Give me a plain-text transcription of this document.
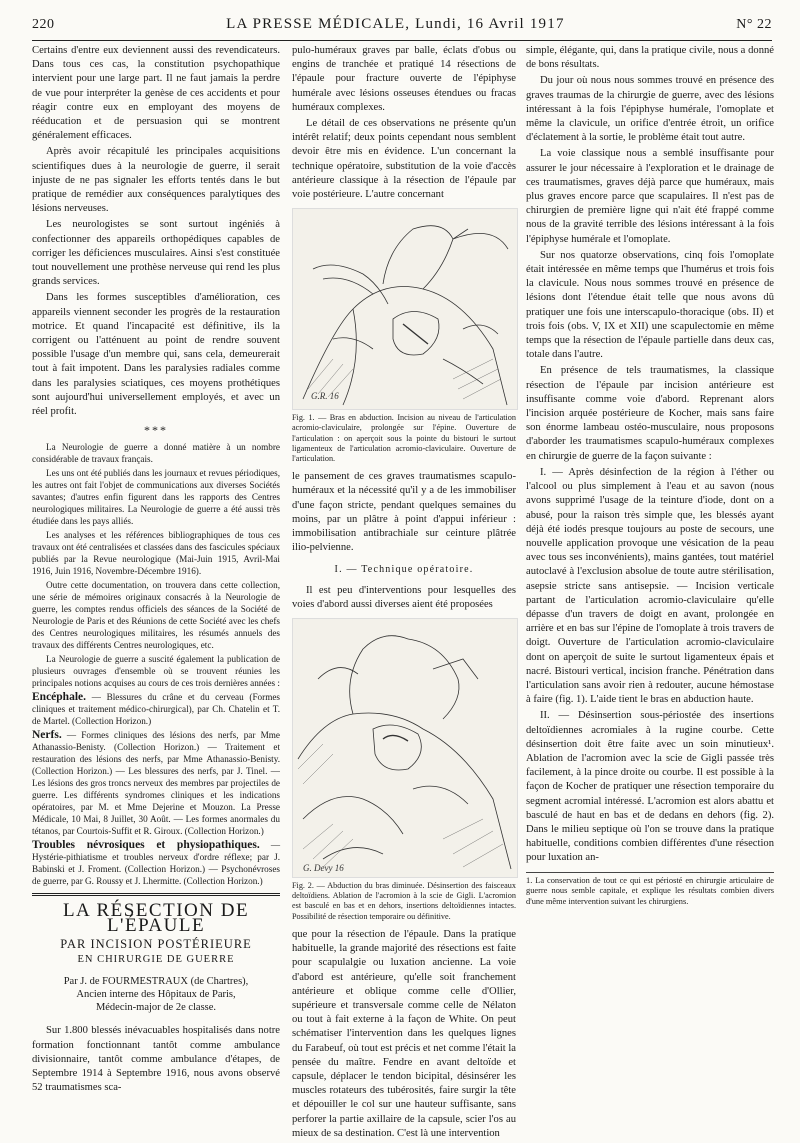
220	LA PRESSE MÉDICALE, Lundi, 16 Avril 1917	N° 22

Certains d'entre eux deviennent aussi des revendicateurs. Dans tous ces cas, la constitution psychopathique intervient pour une large part. Il ne faut jamais la perdre de vue pour interpréter la genèse de ces accidents et pour réagir contre eux en employant des moyens de rééducation et de persuasion qui se montrent généralement efficaces.

Après avoir récapitulé les principales acquisitions scientifiques dues à la neurologie de guerre, il serait injuste de ne pas signaler les efforts tentés dans le but pratique de remédier aux conséquences paralytiques des lésions nerveuses.

Les neurologistes se sont surtout ingéniés à confectionner des appareils orthopédiques capables de corriger les déficiences musculaires. Ainsi s'est constituée tout nouvellement une prothèse nerveuse qui rend les plus grands services.

Dans les formes susceptibles d'amélioration, ces appareils viennent seconder les progrès de la restauration motrice. Et quand l'incapacité est définitive, ils la corrigent ou l'atténuent au point de rendre souvent possible l'usage d'un membre qui, sans cela, demeurerait tout à fait impotent. Dans les paralysies radiales comme dans les paralysies sciatiques, ces moyens prothétiques sont aujourd'hui universellement employés, et avec un réel profit.

***

La Neurologie de guerre a donné matière à un nombre considérable de travaux français.

Les uns ont été publiés dans les journaux et revues périodiques, les autres ont fait l'objet de communications aux diverses Sociétés savantes; d'autres enfin figurent dans les rapports des Centres neurologiques militaires. La Neurologie de guerre a été aussi très étudiée dans les pays alliés.

Les analyses et les références bibliographiques de tous ces travaux ont été centralisées et classées dans des fascicules spéciaux publiés par la Revue neurologique (Mai-Juin 1915, Avril-Mai 1916, Juin 1916, Novembre-Décembre 1916).

Outre cette documentation, on trouvera dans cette collection, une série de mémoires originaux consacrés à la Neurologie de guerre, les comptes rendus officiels des séances de la Société de Neurologie de Paris et des Réunions de cette Société avec les chefs des Centres neurologiques militaires, les résumés annuels des travaux des différents Centres neurologiques, etc.

La Neurologie de guerre a suscité également la publication de plusieurs ouvrages d'ensemble où se trouvent réunies les principales notions acquises au cours de ces trois dernières années :

Encéphale. — Blessures du crâne et du cerveau (Formes cliniques et traitement médico-chirurgical), par Ch. Chatelin et T. de Martel. (Collection Horizon.)
Nerfs. — Formes cliniques des lésions des nerfs, par Mme Athanassio-Benisty. (Collection Horizon.) — Traitement et restauration des lésions des nerfs, par Mme Athanassio-Benisty. (Collection Horizon.) — Les blessures des nerfs, par J. Tinel. — Les lésions des gros troncs nerveux des membres par projectiles de guerre. Les différents syndromes cliniques et les indications opératoires, par M. et Mme Dejerine et Mouzon. La Presse Médicale, 10 Mai, 8 Juillet, 30 Août. — Les formes anormales du tétanos, par Courtois-Suffit et R. Giroux. (Collection Horizon.)
Troubles névrosiques et physiopathiques. — Hystérie-pithiatisme et troubles nerveux d'ordre réflexe; par J. Babinski et J. Froment. (Collection Horizon.) — Psychonévroses de guerre, par G. Roussy et J. Lhermitte. (Collection Horizon.)
LA RÉSECTION DE L'ÉPAULE
PAR INCISION POSTÉRIEURE
EN CHIRURGIE DE GUERRE
Par J. de FOURMESTRAUX (de Chartres),
Ancien interne des Hôpitaux de Paris,
Médecin-major de 2e classe.

Sur 1.800 blessés inévacuables hospitalisés dans notre formation fonctionnant tantôt comme ambulance divisionnaire, tantôt comme ambulance d'étapes, de Septembre 1914 à Septembre 1916, nous avons observé 52 traumatismes sca-

pulo-huméraux graves par balle, éclats d'obus ou engins de tranchée et pratiqué 14 résections de l'épaule pour fracture ouverte de l'épiphyse humérale avec lésions osseuses étendues ou fracas huméraux complexes.

Le détail de ces observations ne présente qu'un intérêt relatif; deux points cependant nous semblent devoir être mis en évidence. L'un concernant la technique opératoire, substitution de la voie d'accès antérieure classique à la résection de l'épaule par voie postérieure. L'autre concernant

G.R. 16
Fig. 1. — Bras en abduction. Incision au niveau de l'articulation acromio-claviculaire, prolongée sur l'épine. Ouverture de l'articulation : on aperçoit sous la pointe du bistouri le surtout ligamenteux de l'articulation acromio-claviculaire. Ouverture de l'articulation.

le pansement de ces graves traumatismes scapulo-huméraux et la nécessité qu'il y a de les immobiliser d'une façon stricte, pendant quelques semaines du moins, par un plâtre à point d'appui inférieur : immobilisation antibrachiale sur ceinture plâtrée ilio-pelvienne.

I. — Technique opératoire.

Il est peu d'interventions pour lesquelles des voies d'abord aussi diverses aient été proposées

G. Devy 16
Fig. 2. — Abduction du bras diminuée. Désinsertion des faisceaux deltoïdiens. Ablation de l'acromion à la scie de Gigli. L'acromion est basculé en bas et en dehors, insertions deltoïdiennes intactes. Possibilité de résection temporaire ou définitive.

que pour la résection de l'épaule. Dans la pratique habituelle, la grande majorité des résections est faite pour scapulalgie ou luxation ancienne. La voie d'abord est antérieure, qu'elle soit franchement antérieure et oblique comme celle d'Ollier, supérieure et transversale comme celle de Nélaton ou tout à fait externe à la façon de White. On peut schématiser l'intervention dans les quelques lignes du Farabeuf, où tout est précis et net comme l'était la pensée du maître. Fendre en avant deltoïde et capsule, déplacer le tendon bicipital, désinsérer les muscles rotateurs des tubérosités, faire surgir la tête et dépouiller le col sur une hauteur suffisante, sans perforer la partie axillaire de la capsule, scier l'os au mieux de sa destination. C'est là une intervention

simple, élégante, qui, dans la pratique civile, nous a donné de bons résultats.

Du jour où nous nous sommes trouvé en présence des graves traumas de la chirurgie de guerre, avec des lésions intéressant à la fois l'épiphyse humérale, l'omoplate et même la clavicule, un orifice d'entrée étroit, un orifice d'éclatement à la sortie, le problème était tout autre.

La voie classique nous a semblé insuffisante pour assurer le jour nécessaire à l'exploration et le drainage de ces traumatismes, graves déjà parce que huméraux, mais plus graves encore parce que scapulaires. Il n'est pas de chirurgien de première ligne qui n'ait été frappé comme nous de la gravité terrible des lésions intéressant à la fois l'épiphyse humérale et l'omoplate.

Sur nos quatorze observations, cinq fois l'omoplate était intéressée en même temps que l'humérus et trois fois la clavicule. Nous nous sommes trouvé en présence de lésions dont l'étendue était telle que nous avons dû pratiquer une fois une interscapulo-thoracique (obs. II) et trois fois (obs. V, IX et XII) une scapulectomie en même temps que la résection de l'épaule partielle dans deux cas, totale dans l'autre.

En présence de tels traumatismes, la classique résection de l'épaule par incision antérieure est insuffisante comme voie d'abord. Reprenant alors l'incision arquée postérieure de Kocher, mais sans faire son énorme lambeau ostéo-musculaire, nous proposons d'aborder les traumatismes scapulo-huméraux complexes en chirurgie de guerre de la façon suivante :

I. — Après désinfection de la région à l'éther ou l'alcool ou plus simplement à l'eau et au savon (nous avons supprimé l'usage de la teinture d'iode, dont on a abusé, pour la raison très simple que, les blessés ayant déjà été iodés presque toujours au poste de secours, une nouvelle application provoque une vésication de la peau avec tous ses inconvénients), mains gantées, tout matériel autoclavé à l'exclusion absolue de toute autre stérilisation, asepsie stricte sans antisepsie. — Incision verticale partant de l'articulation acromio-claviculaire qu'elle dépasse d'un travers de doigt en avant, prolongée en arrière et en bas sur l'épine de l'omoplate à trois travers de doigt. Ouverture de l'articulation acromio-claviculaire dont on aperçoit de suite le surtout ligamenteux épais et nacré. Bistouri vertical, incision franche. Pénétration dans l'articulation sans avoir rien à redouter, aucune hémostase à faire (fig. 1). L'aide tient le bras en abduction haute.

II. — Désinsertion sous-périostée des insertions deltoïdiennes acromiales à la rugine courbe. Cette désinsertion doit être faite avec un soin minutieux¹. Ablation de l'acromion avec la scie de Gigli passée très facilement, à la pince droite ou courbe. Il est possible à la façon de Kocher de pratiquer une résection temporaire du segment acromial intéressé. L'acromion est alors abattu et basculé de haut en bas et de dedans en dehors (fig. 2). Dans le milieu septique où l'on se trouve dans la pratique habituelle, conditions combien différentes d'une résection pour luxation an-

1. La conservation de tout ce qui est périosté en chirurgie articulaire de guerre nous semble capitale, et explique les résultats combien divers d'une même intervention suivant les chirurgiens.
